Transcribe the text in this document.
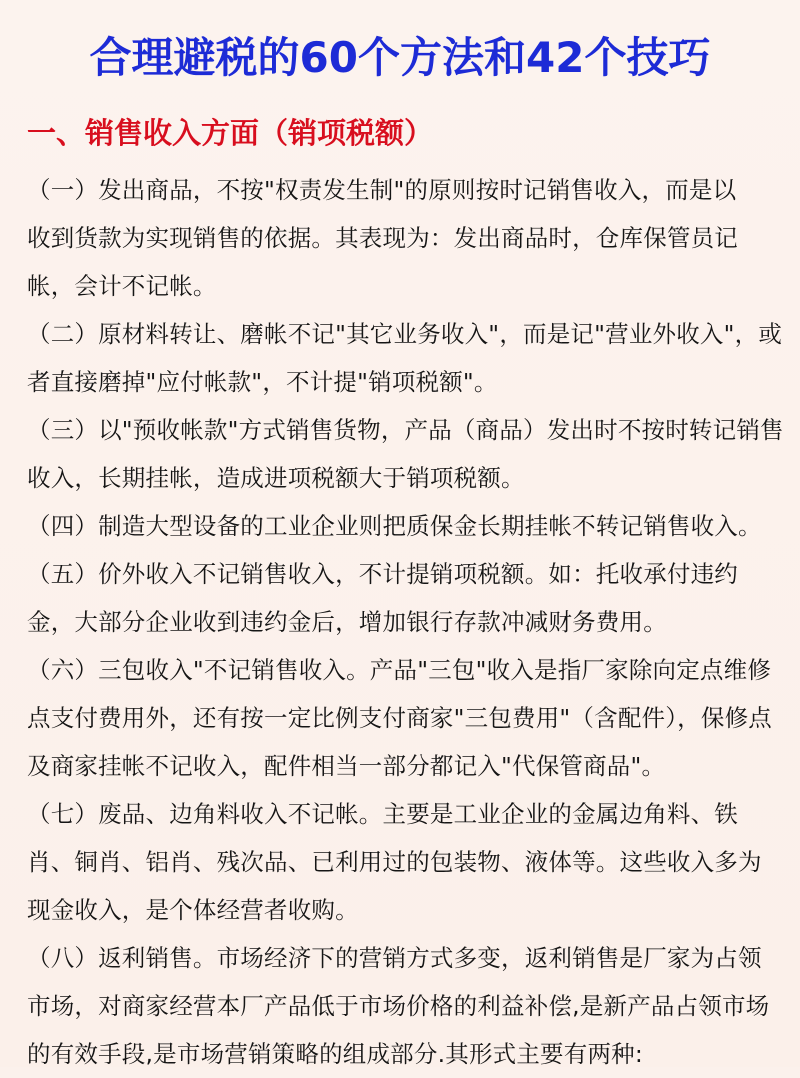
合理避税的60个方法和42个技巧
一、销售收入方面（销项税额）
（一）发出商品，不按"权责发生制"的原则按时记销售收入，而是以
收到货款为实现销售的依据。其表现为：发出商品时，仓库保管员记
帐，会计不记帐。
（二）原材料转让、磨帐不记"其它业务收入"，而是记"营业外收入"，或
者直接磨掉"应付帐款"，不计提"销项税额"。
（三）以"预收帐款"方式销售货物，产品（商品）发出时不按时转记销售
收入，长期挂帐，造成进项税额大于销项税额。
（四）制造大型设备的工业企业则把质保金长期挂帐不转记销售收入。
（五）价外收入不记销售收入，不计提销项税额。如：托收承付违约
金，大部分企业收到违约金后，增加银行存款冲减财务费用。
（六）三包收入"不记销售收入。产品"三包"收入是指厂家除向定点维修
点支付费用外，还有按一定比例支付商家"三包费用"（含配件），保修点
及商家挂帐不记收入，配件相当一部分都记入"代保管商品"。
（七）废品、边角料收入不记帐。主要是工业企业的金属边角料、铁
肖、铜肖、铝肖、残次品、已利用过的包装物、液体等。这些收入多为
现金收入，是个体经营者收购。
（八）返利销售。市场经济下的营销方式多变，返利销售是厂家为占领
市场，对商家经营本厂产品低于市场价格的利益补偿,是新产品占领市场
的有效手段,是市场营销策略的组成部分.其形式主要有两种:
